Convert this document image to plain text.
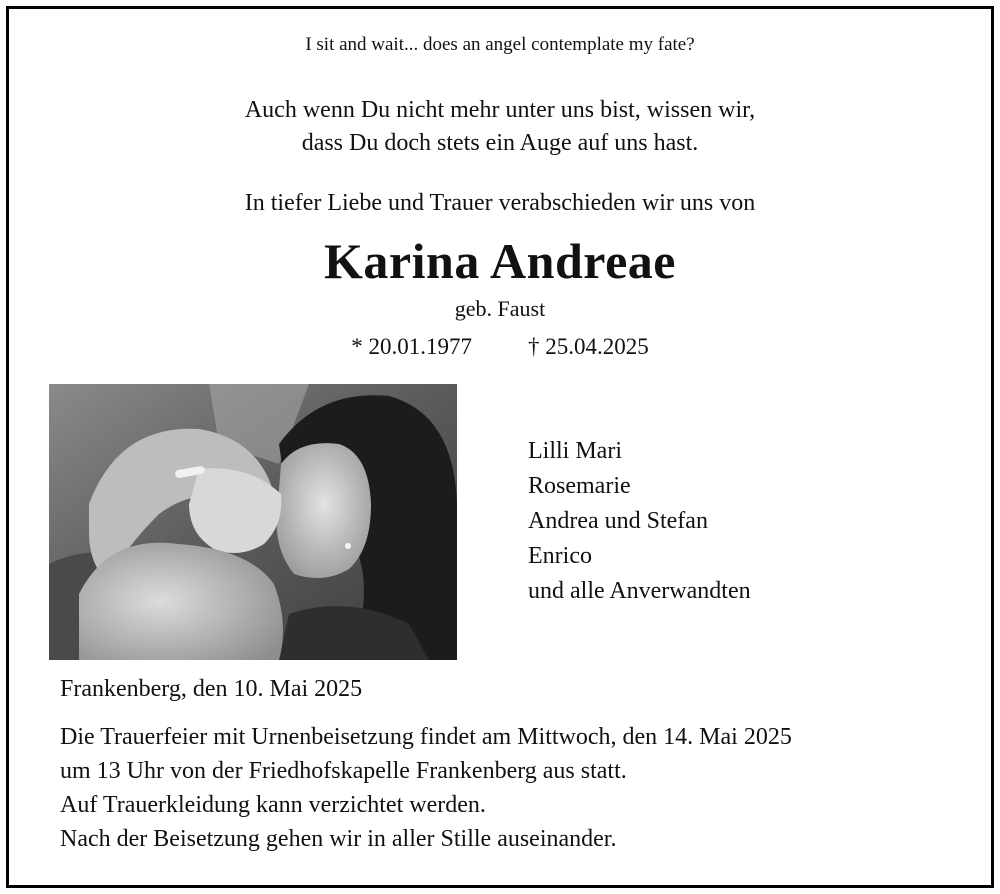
I sit and wait... does an angel contemplate my fate?
Auch wenn Du nicht mehr unter uns bist, wissen wir,
dass Du doch stets ein Auge auf uns hast.
In tiefer Liebe und Trauer verabschieden wir uns von
Karina Andreae
geb. Faust
* 20.01.1977 † 25.04.2025
Lilli Mari
Rosemarie
Andrea und Stefan
Enrico
und alle Anverwandten
Frankenberg, den 10. Mai 2025
Die Trauerfeier mit Urnenbeisetzung findet am Mittwoch, den 14. Mai 2025
um 13 Uhr von der Friedhofskapelle Frankenberg aus statt.
Auf Trauerkleidung kann verzichtet werden.
Nach der Beisetzung gehen wir in aller Stille auseinander.
